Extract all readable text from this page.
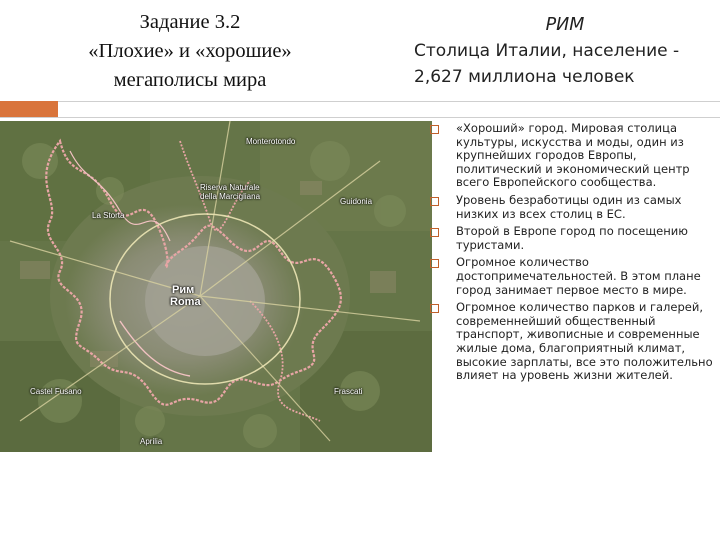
Задание 3.2
«Плохие» и «хорошие»
мегаполисы мира
РИМ
Столица Италии, население -
2,627 миллиона человек
Monterotondo
Riserva Naturale della Marcigliana
Guidonia
La Storta
Рим
Roma
Frascati
Castel Fusano
Aprilia
«Хороший» город. Мировая столица культуры, искусства и моды, один из крупнейших городов Европы, политический и экономический центр всего Европейского сообщества.
Уровень безработицы один из самых низких из всех столиц в ЕС.
Второй в Европе город по посещению туристами.
Огромное количество достопримечательностей. В этом плане город занимает первое место в мире.
Огромное количество парков и галерей, современнейший общественный транспорт, живописные и современные жилые дома, благоприятный климат, высокие зарплаты, все это положительно влияет на уровень жизни жителей.
